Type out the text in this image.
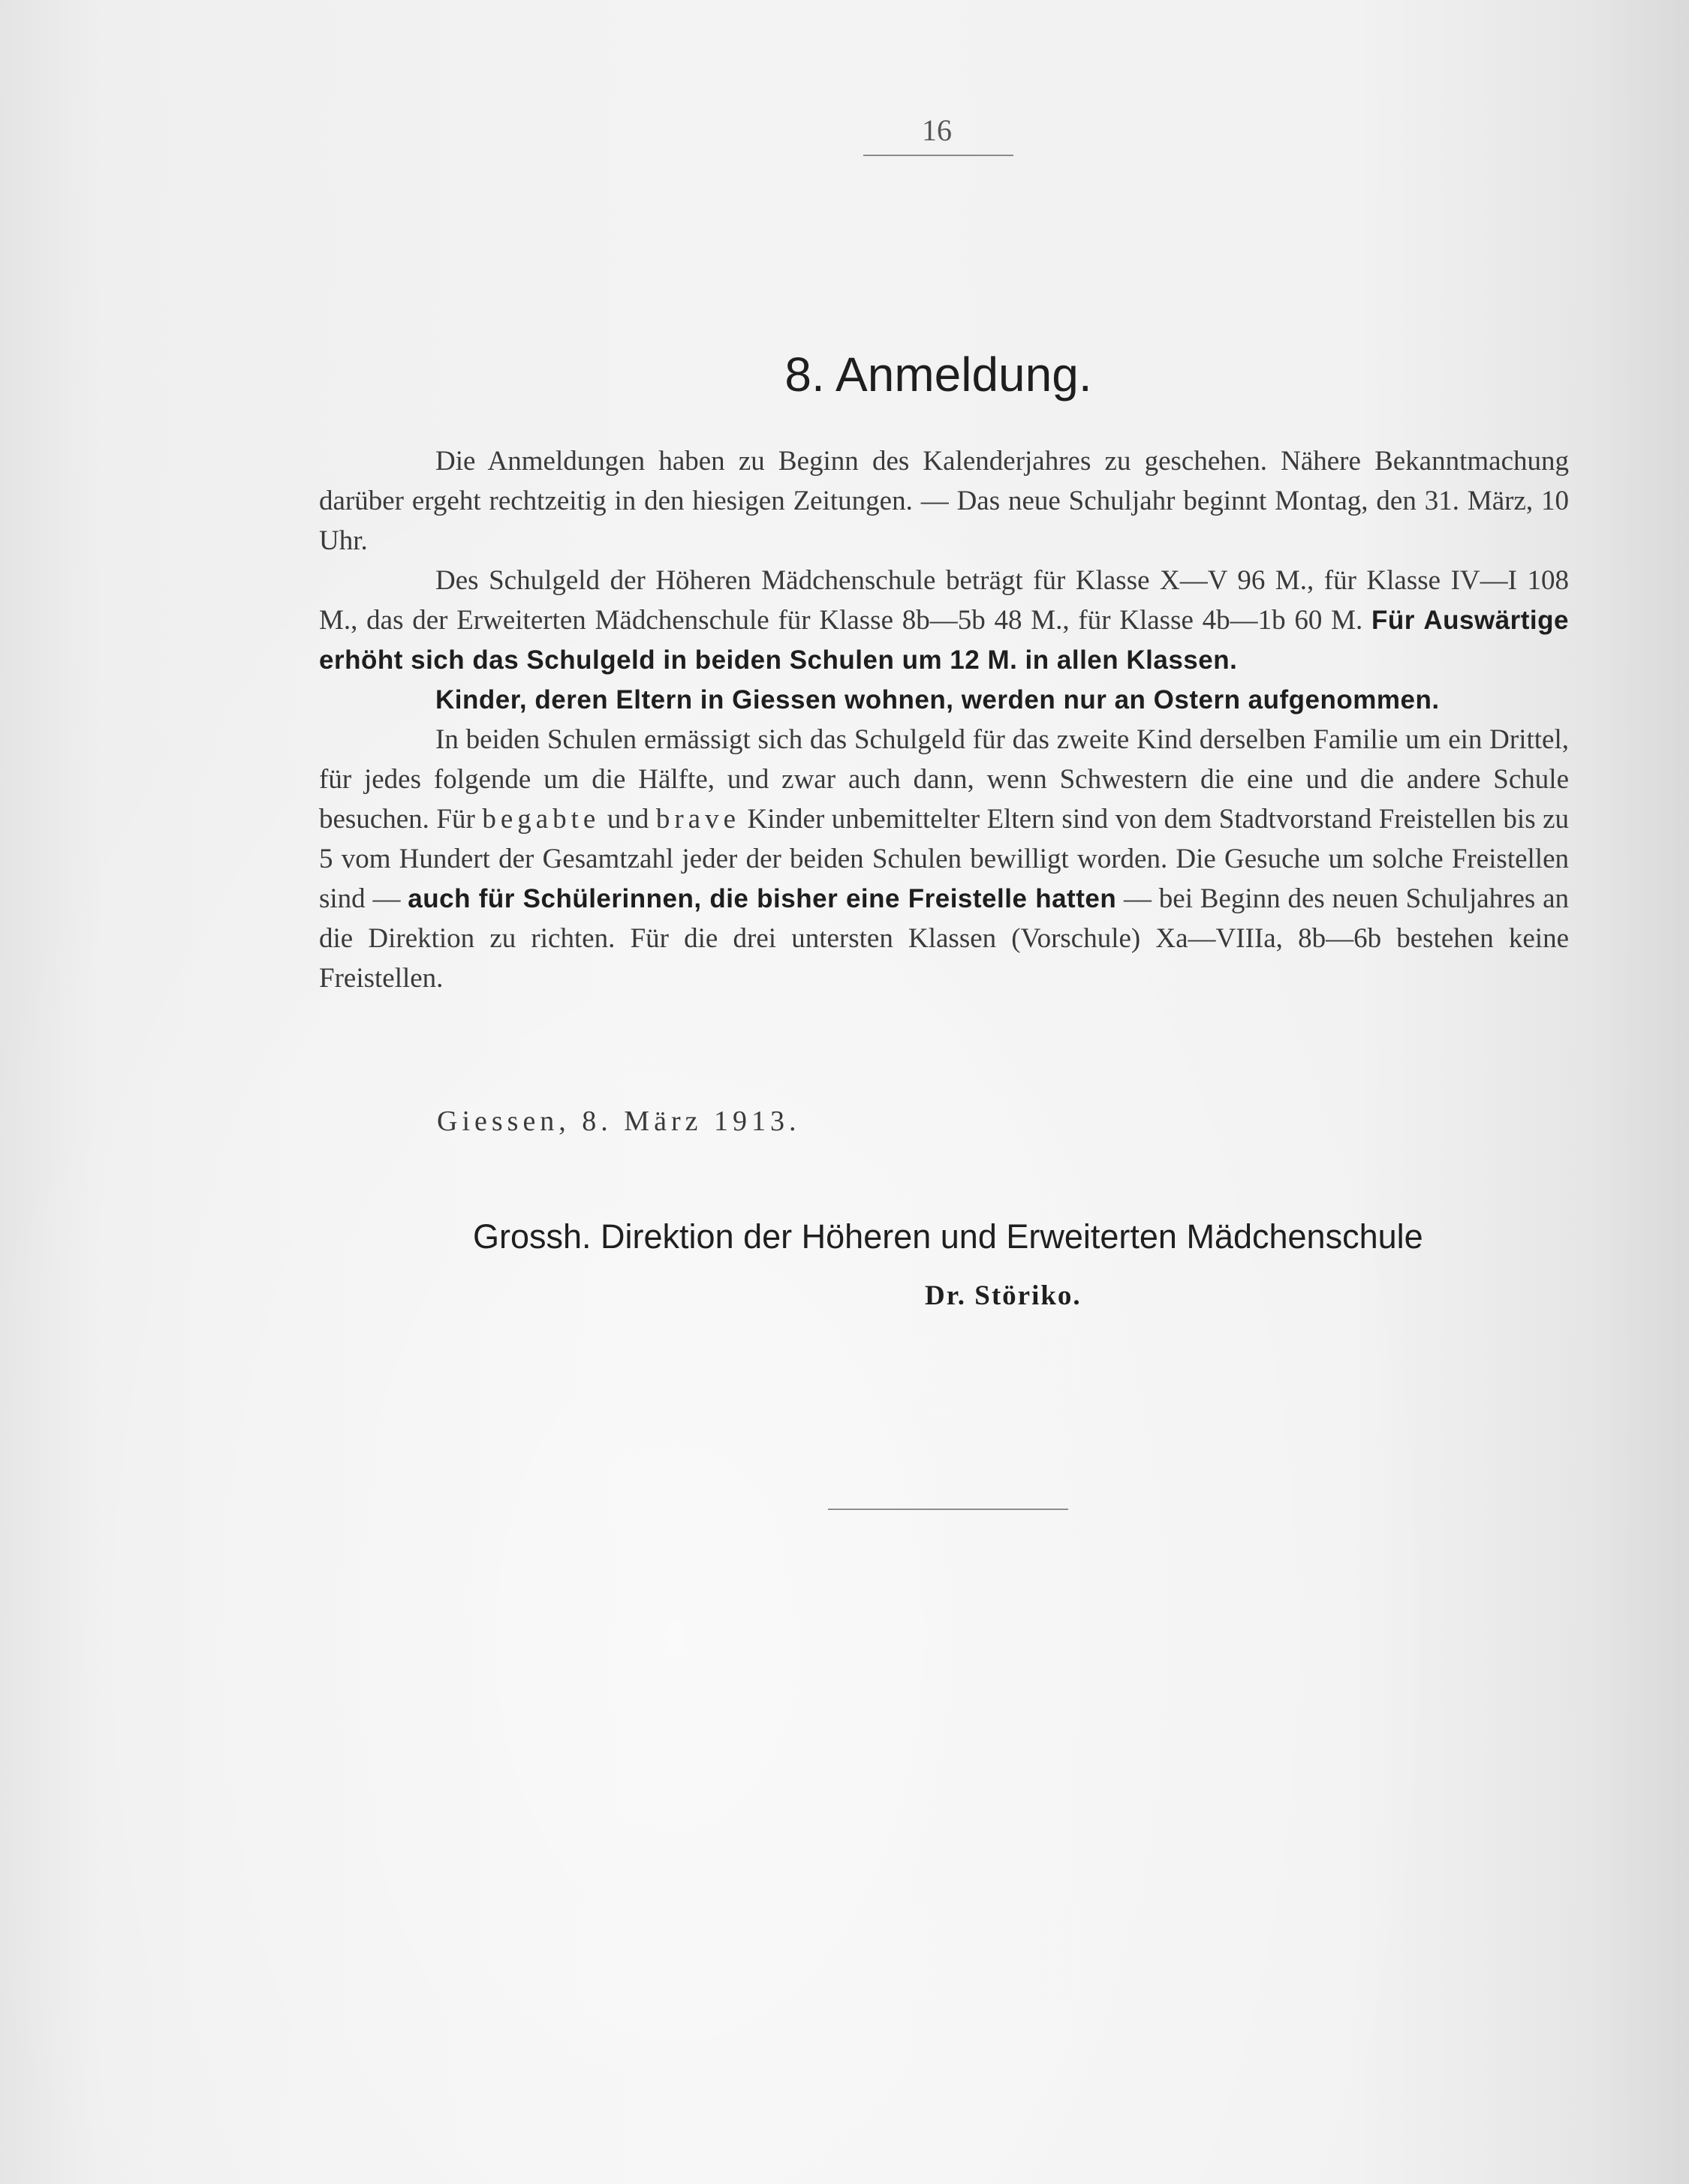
16
8. Anmeldung.

Die Anmeldungen haben zu Beginn des Kalenderjahres zu geschehen. Nähere Bekanntmachung darüber ergeht rechtzeitig in den hiesigen Zeitungen. — Das neue Schuljahr beginnt Montag, den 31. März, 10 Uhr.

Des Schulgeld der Höheren Mädchenschule beträgt für Klasse X—V 96 M., für Klasse IV—I 108 M., das der Erweiterten Mädchenschule für Klasse 8b—5b 48 M., für Klasse 4b—1b 60 M. Für Auswärtige erhöht sich das Schulgeld in beiden Schulen um 12 M. in allen Klassen.

Kinder, deren Eltern in Giessen wohnen, werden nur an Ostern aufgenommen.

In beiden Schulen ermässigt sich das Schulgeld für das zweite Kind derselben Familie um ein Drittel, für jedes folgende um die Hälfte, und zwar auch dann, wenn Schwestern die eine und die andere Schule besuchen. Für begabte und brave Kinder unbemittelter Eltern sind von dem Stadtvorstand Freistellen bis zu 5 vom Hundert der Gesamtzahl jeder der beiden Schulen bewilligt worden. Die Gesuche um solche Freistellen sind — auch für Schülerinnen, die bisher eine Freistelle hatten — bei Beginn des neuen Schuljahres an die Direktion zu richten. Für die drei untersten Klassen (Vorschule) Xa—VIIIa, 8b—6b bestehen keine Freistellen.

Giessen, 8. März 1913.
Grossh. Direktion der Höheren und Erweiterten Mädchenschule
Dr. Störiko.
